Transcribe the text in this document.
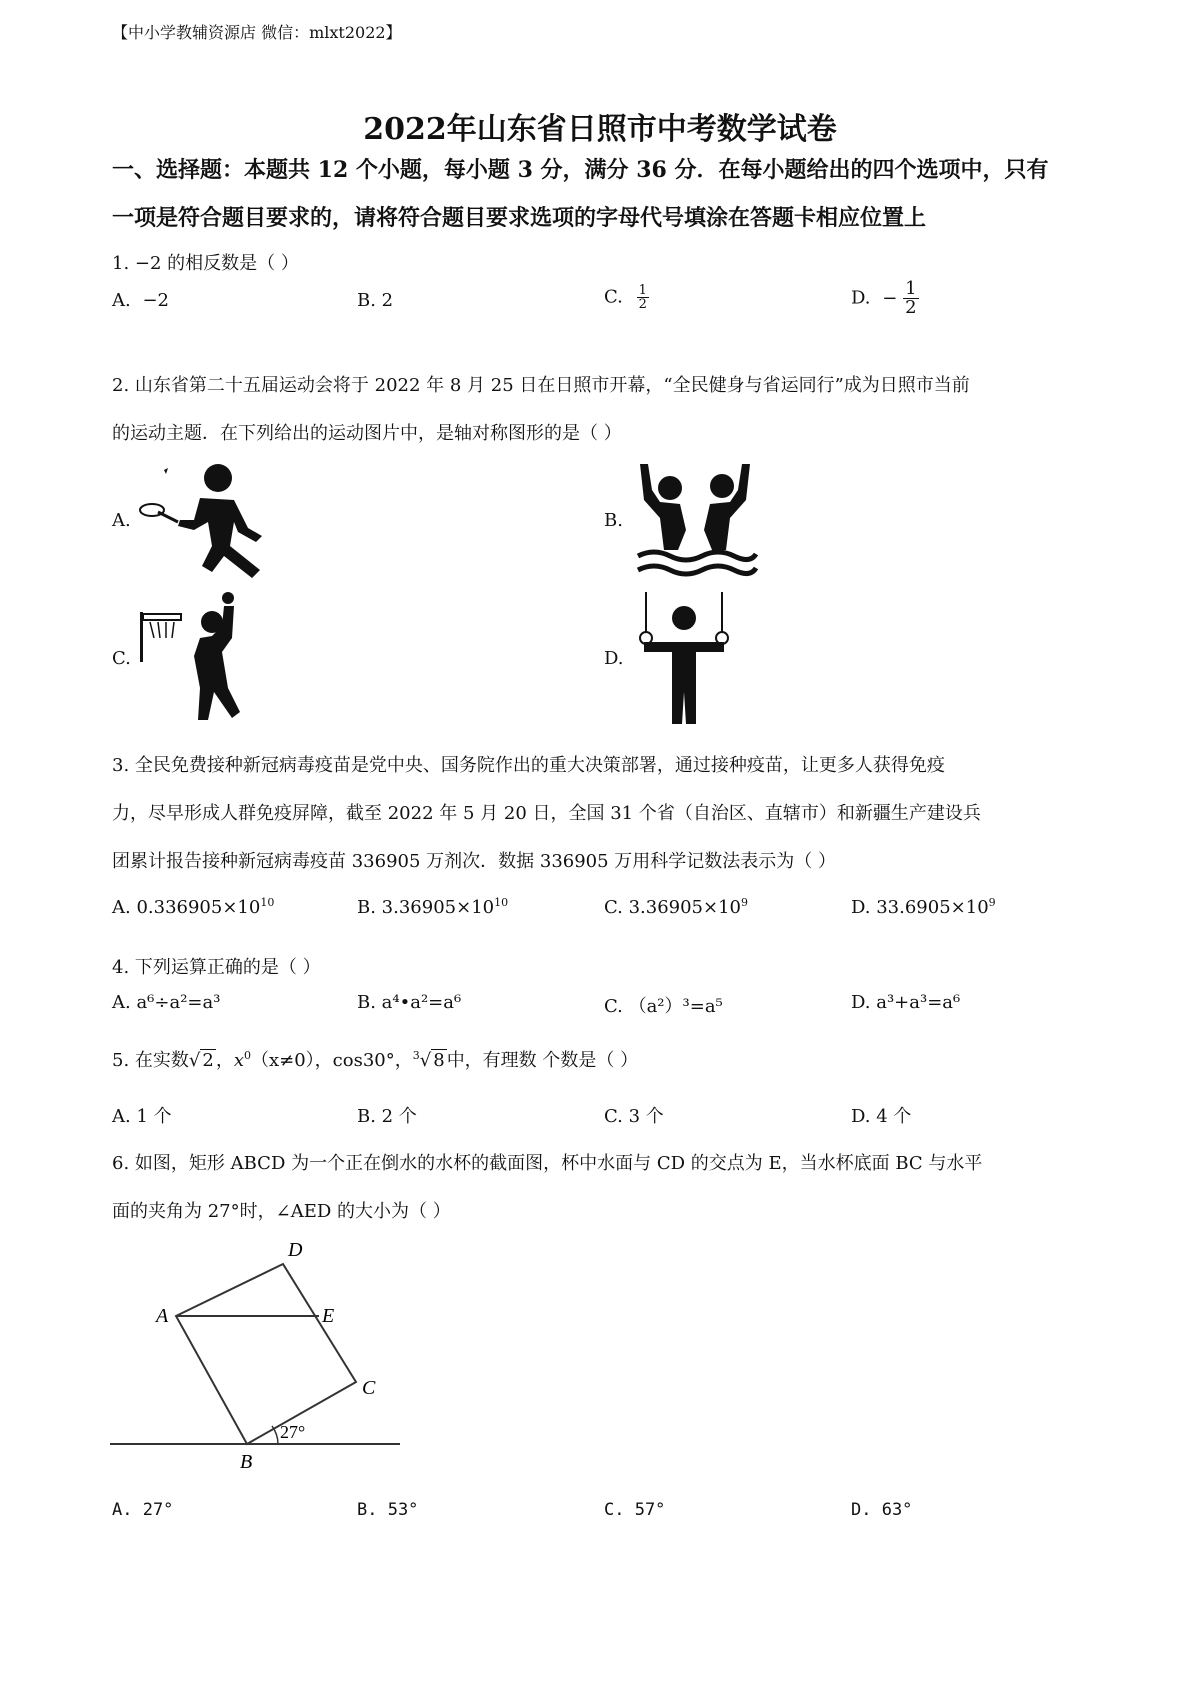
【中小学教辅资源店 微信：mlxt2022】
2022年山东省日照市中考数学试卷
一、选择题：本题共 12 个小题，每小题 3 分，满分 36 分．在每小题给出的四个选项中，只有
一项是符合题目要求的，请将符合题目要求选项的字母代号填涂在答题卡相应位置上
1. −2 的相反数是（ ）
A. −2	B. 2	C. $\frac{1}{2}$	D. − $\frac{1}{2}$
2. 山东省第二十五届运动会将于 2022 年 8 月 25 日在日照市开幕，“全民健身与省运同行”成为日照市当前
的运动主题．在下列给出的运动图片中，是轴对称图形的是（ ）
A.	B.
C.	D.
3. 全民免费接种新冠病毒疫苗是党中央、国务院作出的重大决策部署，通过接种疫苗，让更多人获得免疫
力，尽早形成人群免疫屏障，截至 2022 年 5 月 20 日，全国 31 个省（自治区、直辖市）和新疆生产建设兵
团累计报告接种新冠病毒疫苗 336905 万剂次．数据 336905 万用科学记数法表示为（ ）
A. $0.336905\times 10^{10}$	B. $3.36905\times 10^{10}$	C. $3.36905\times 10^9$	D. $33.6905\times 10^9$
4. 下列运算正确的是（ ）
A. a⁶÷a²=a³	B. a⁴•a²=a⁶	C. （a²）³=a⁵	D. a³+a³=a⁶
5. 在实数√ 2 ，$x^0(x\ne 0)$，cos30°，$^3$√ 8 中，有理数 个数是（ ）
A. 1 个	B. 2 个	C. 3 个	D. 4 个
6. 如图，矩形 ABCD 为一个正在倒水的水杯的截面图，杯中水面与 CD 的交点为 E，当水杯底面 BC 与水平
面的夹角为 27°时，∠AED 的大小为（ ）
A
D
E
C
B
27°
A. 27°	B. 53°	C. 57°	D. 63°
